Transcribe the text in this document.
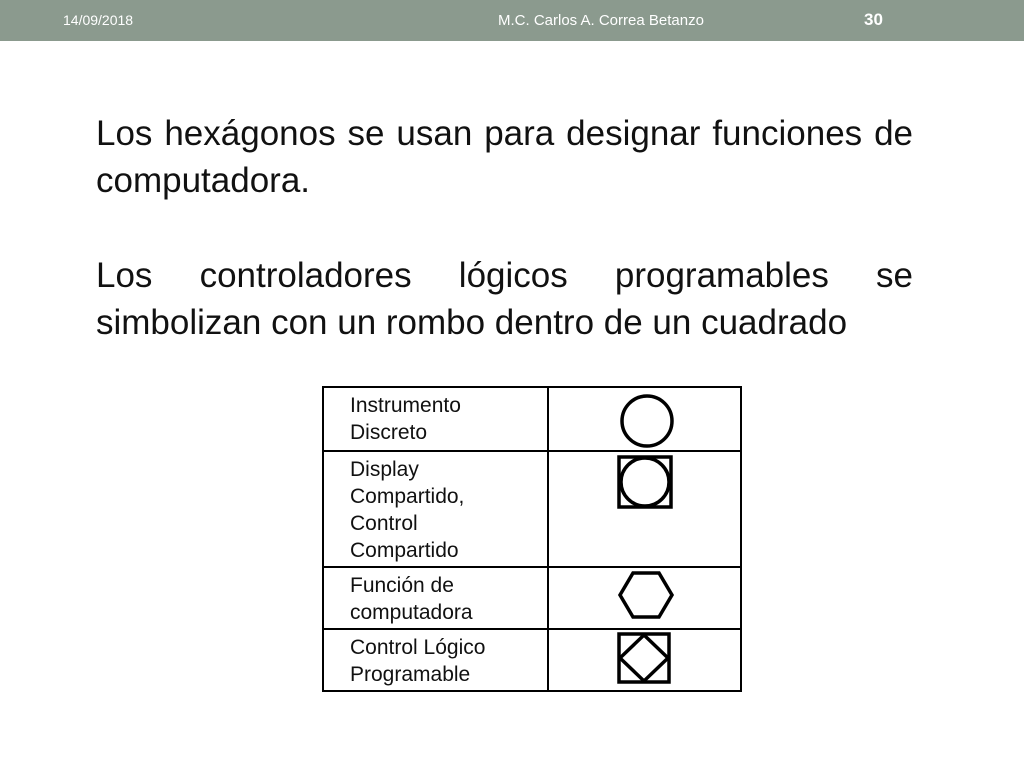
14/09/2018	M.C. Carlos A. Correa Betanzo	30

Los hexágonos se usan para designar funciones de computadora.

Los controladores lógicos programables se simbolizan con un rombo dentro de un cuadrado

Instrumento
Discreto	

Display
Compartido,
Control
Compartido	

Función de
computadora	

Control Lógico
Programable	
